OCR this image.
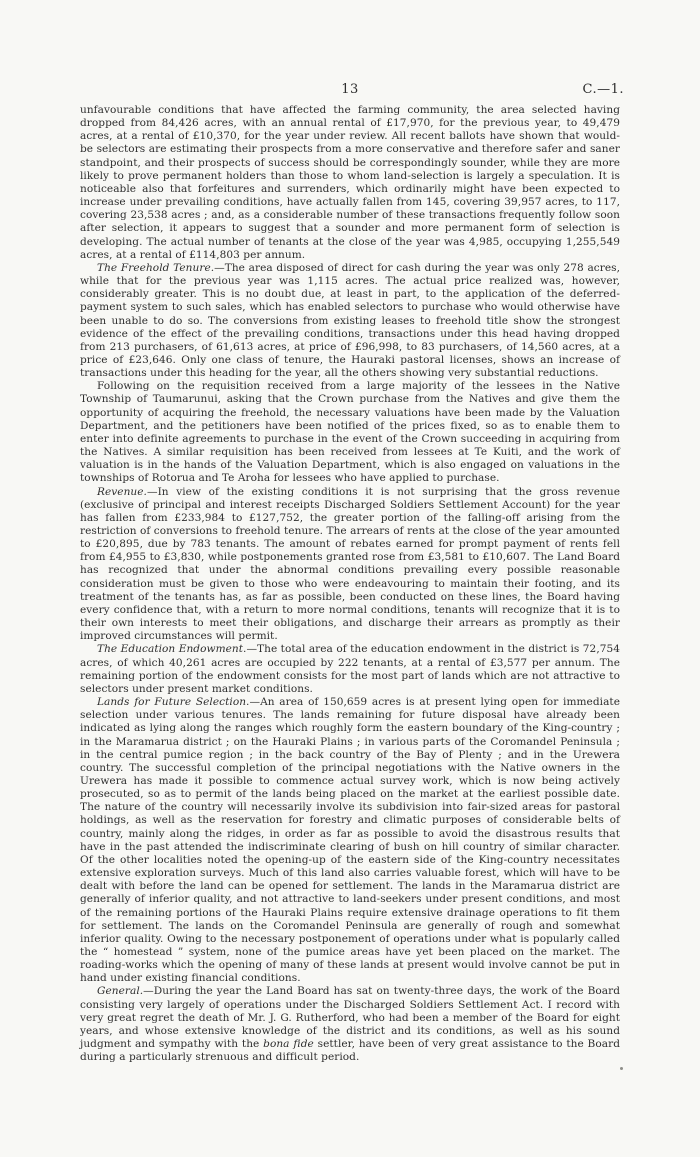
13	C.—1.

unfavourable conditions that have affected the farming community, the area selected having dropped from 84,426 acres, with an annual rental of £17,970, for the previous year, to 49,479 acres, at a rental of £10,370, for the year under review. All recent ballots have shown that would-be selectors are estimating their prospects from a more conservative and therefore safer and saner standpoint, and their prospects of success should be correspondingly sounder, while they are more likely to prove permanent holders than those to whom land-selection is largely a speculation. It is noticeable also that forfeitures and surrenders, which ordinarily might have been expected to increase under prevailing conditions, have actually fallen from 145, covering 39,957 acres, to 117, covering 23,538 acres ; and, as a considerable number of these transactions frequently follow soon after selection, it appears to suggest that a sounder and more permanent form of selection is developing. The actual number of tenants at the close of the year was 4,985, occupying 1,255,549 acres, at a rental of £114,803 per annum.

The Freehold Tenure.—The area disposed of direct for cash during the year was only 278 acres, while that for the previous year was 1,115 acres. The actual price realized was, however, considerably greater. This is no doubt due, at least in part, to the application of the deferred-payment system to such sales, which has enabled selectors to purchase who would otherwise have been unable to do so. The conversions from existing leases to freehold title show the strongest evidence of the effect of the prevailing conditions, transactions under this head having dropped from 213 purchasers, of 61,613 acres, at price of £96,998, to 83 purchasers, of 14,560 acres, at a price of £23,646. Only one class of tenure, the Hauraki pastoral licenses, shows an increase of transactions under this heading for the year, all the others showing very substantial reductions.

Following on the requisition received from a large majority of the lessees in the Native Township of Taumarunui, asking that the Crown purchase from the Natives and give them the opportunity of acquiring the freehold, the necessary valuations have been made by the Valuation Department, and the petitioners have been notified of the prices fixed, so as to enable them to enter into definite agreements to purchase in the event of the Crown succeeding in acquiring from the Natives. A similar requisition has been received from lessees at Te Kuiti, and the work of valuation is in the hands of the Valuation Department, which is also engaged on valuations in the townships of Rotorua and Te Aroha for lessees who have applied to purchase.

Revenue.—In view of the existing conditions it is not surprising that the gross revenue (exclusive of principal and interest receipts Discharged Soldiers Settlement Account) for the year has fallen from £233,984 to £127,752, the greater portion of the falling-off arising from the restriction of conversions to freehold tenure. The arrears of rents at the close of the year amounted to £20,895, due by 783 tenants. The amount of rebates earned for prompt payment of rents fell from £4,955 to £3,830, while postponements granted rose from £3,581 to £10,607. The Land Board has recognized that under the abnormal conditions prevailing every possible reasonable consideration must be given to those who were endeavouring to maintain their footing, and its treatment of the tenants has, as far as possible, been conducted on these lines, the Board having every confidence that, with a return to more normal conditions, tenants will recognize that it is to their own interests to meet their obligations, and discharge their arrears as promptly as their improved circumstances will permit.

The Education Endowment.—The total area of the education endowment in the district is 72,754 acres, of which 40,261 acres are occupied by 222 tenants, at a rental of £3,577 per annum. The remaining portion of the endowment consists for the most part of lands which are not attractive to selectors under present market conditions.

Lands for Future Selection.—An area of 150,659 acres is at present lying open for immediate selection under various tenures. The lands remaining for future disposal have already been indicated as lying along the ranges which roughly form the eastern boundary of the King-country ; in the Maramarua district ; on the Hauraki Plains ; in various parts of the Coromandel Peninsula ; in the central pumice region ; in the back country of the Bay of Plenty ; and in the Urewera country. The successful completion of the principal negotiations with the Native owners in the Urewera has made it possible to commence actual survey work, which is now being actively prosecuted, so as to permit of the lands being placed on the market at the earliest possible date. The nature of the country will necessarily involve its subdivision into fair-sized areas for pastoral holdings, as well as the reservation for forestry and climatic purposes of considerable belts of country, mainly along the ridges, in order as far as possible to avoid the disastrous results that have in the past attended the indiscriminate clearing of bush on hill country of similar character. Of the other localities noted the opening-up of the eastern side of the King-country necessitates extensive exploration surveys. Much of this land also carries valuable forest, which will have to be dealt with before the land can be opened for settlement. The lands in the Maramarua district are generally of inferior quality, and not attractive to land-seekers under present conditions, and most of the remaining portions of the Hauraki Plains require extensive drainage operations to fit them for settlement. The lands on the Coromandel Peninsula are generally of rough and somewhat inferior quality. Owing to the necessary postponement of operations under what is popularly called the “ homestead ” system, none of the pumice areas have yet been placed on the market. The roading-works which the opening of many of these lands at present would involve cannot be put in hand under existing financial conditions.

General.—During the year the Land Board has sat on twenty-three days, the work of the Board consisting very largely of operations under the Discharged Soldiers Settlement Act. I record with very great regret the death of Mr. J. G. Rutherford, who had been a member of the Board for eight years, and whose extensive knowledge of the district and its conditions, as well as his sound judgment and sympathy with the bona fide settler, have been of very great assistance to the Board during a particularly strenuous and difficult period.
